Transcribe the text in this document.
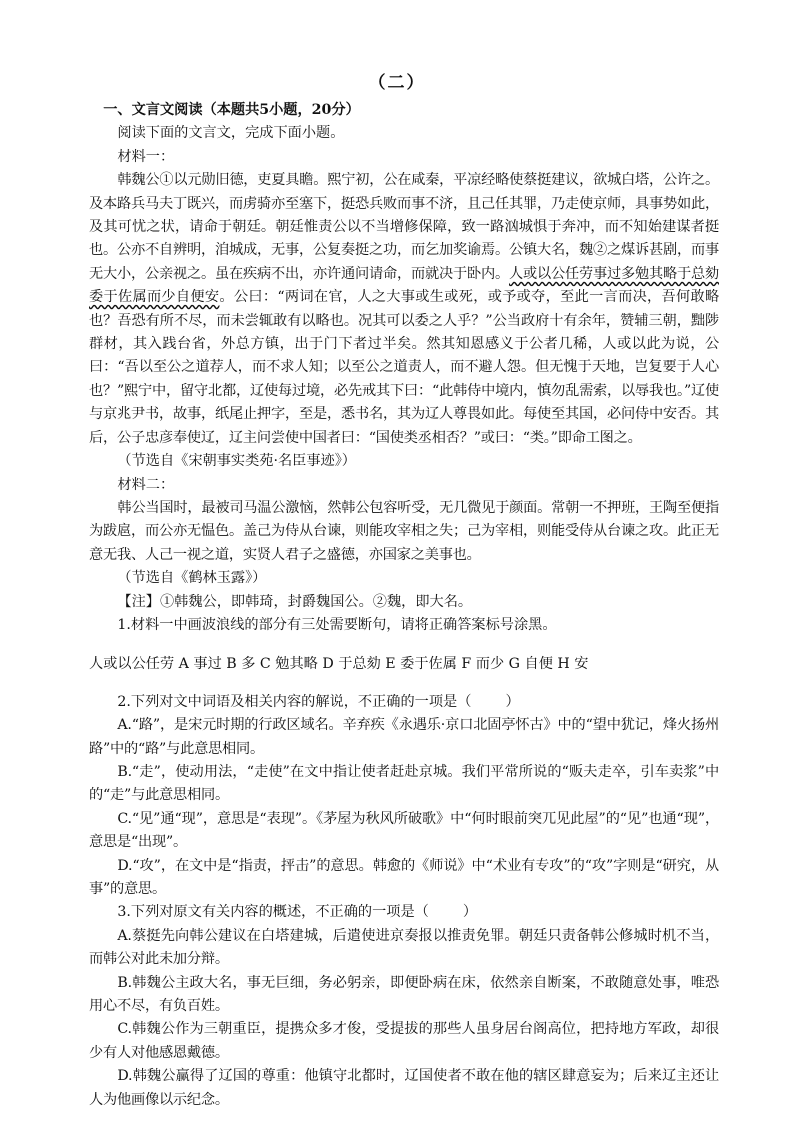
（二）

一、文言文阅读（本题共5小题，20分）

阅读下面的文言文，完成下面小题。

材料一：

韩魏公①以元勋旧德，吏夏具瞻。熙宁初，公在咸秦，平凉经略使蔡挺建议，欲城白塔，公许之。及本路兵马夫丁既兴，而虏骑亦至塞下，挺恐兵败而事不济，且己任其罪，乃走使京师，具事势如此，及其可忧之状，请命于朝廷。朝廷惟责公以不当增修保障，致一路汹城惧于奔冲，而不知始建谋者挺也。公亦不自辨明，洎城成，无事，公复奏挺之功，而乞加奖谕焉。公镇大名，魏②之煤诉甚剧，而事无大小，公亲视之。虽在疾病不出，亦许通问请命，而就决于卧内。人或以公任劳事过多勉其略于总劾委于佐属而少自便安。公曰：“两词在官，人之大事或生或死，或予或夺，至此一言而决，吾何敢略也？吾恐有所不尽，而未尝辄敢有以略也。况其可以委之人乎？”公当政府十有余年，赞辅三朝，黜陟群材，其入践台省，外总方镇，出于门下者过半矣。然其知恩感义于公者几稀，人或以此为说，公曰：“吾以至公之道荐人，而不求人知；以至公之道责人，而不避人怨。但无愧于天地，岂复要于人心也？”熙宁中，留守北都，辽使每过境，必先戒其下曰：“此韩侍中境内，慎勿乱需索，以辱我也。”辽使与京兆尹书，故事，纸尾止押字，至是，悉书名，其为辽人尊畏如此。每使至其国，必问侍中安否。其后，公子忠彦奉使辽，辽主问尝使中国者曰：“国使类丞相否？”或曰：“类。”即命工图之。

（节选自《宋朝事实类苑·名臣事迹》）

材料二：

韩公当国时，最被司马温公激恼，然韩公包容听受，无几微见于颜面。常朝一不押班，王陶至便指为跋扈，而公亦无愠色。盖己为侍从台谏，则能攻宰相之失；己为宰相，则能受侍从台谏之攻。此正无意无我、人己一视之道，实贤人君子之盛德，亦国家之美事也。

（节选自《鹤林玉露》）

【注】①韩魏公，即韩琦，封爵魏国公。②魏，即大名。

1.材料一中画波浪线的部分有三处需要断句，请将正确答案标号涂黑。

人或以公任劳 A 事过 B 多 C 勉其略 D 于总劾 E 委于佐属 F 而少 G 自便 H 安

2.下列对文中词语及相关内容的解说，不正确的一项是（ ）

A.“路”，是宋元时期的行政区域名。辛弃疾《永遇乐·京口北固亭怀古》中的“望中犹记，烽火扬州路”中的“路”与此意思相同。

B.“走”，使动用法，“走使”在文中指让使者赶赴京城。我们平常所说的“贩夫走卒，引车卖浆”中的“走”与此意思相同。

C.“见”通“现”，意思是“表现”。《茅屋为秋风所破歌》中“何时眼前突兀见此屋”的“见”也通“现”，意思是“出现”。

D.“攻”，在文中是“指责，抨击”的意思。韩愈的《师说》中“术业有专攻”的“攻”字则是“研究，从事”的意思。

3.下列对原文有关内容的概述，不正确的一项是（ ）

A.蔡挺先向韩公建议在白塔建城，后遣使进京奏报以推责免罪。朝廷只责备韩公修城时机不当，而韩公对此未加分辩。

B.韩魏公主政大名，事无巨细，务必躬亲，即便卧病在床，依然亲自断案，不敢随意处事，唯恐用心不尽，有负百姓。

C.韩魏公作为三朝重臣，提携众多才俊，受提拔的那些人虽身居台阁高位，把持地方军政，却很少有人对他感恩戴德。

D.韩魏公赢得了辽国的尊重：他镇守北都时，辽国使者不敢在他的辖区肆意妄为；后来辽主还让人为他画像以示纪念。
